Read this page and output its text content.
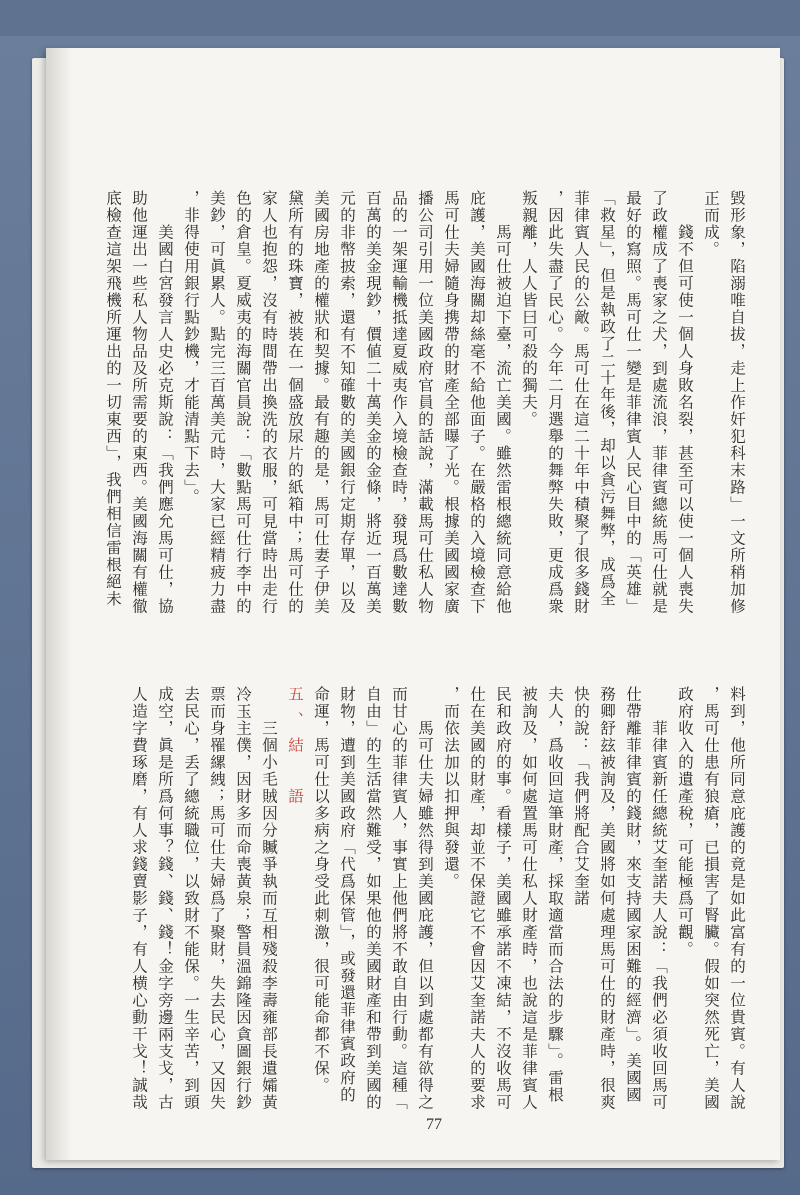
毀形象，陷溺唯自拔，走上作奸犯科末路」一文所稍加修
正而成。
　　錢不但可使一個人身敗名裂，甚至可以使一個人喪失
了政權成了喪家之犬，到處流浪，菲律賓總統馬可仕就是
最好的寫照。馬可仕一變是菲律賓人民心目中的「英雄」
「救星」，但是執政了二十年後，却以貪污舞弊，成爲全
菲律賓人民的公敵。馬可仕在這二十年中積聚了很多錢財
，因此失盡了民心。今年二月選舉的舞弊失敗，更成爲衆
叛親離，人人皆曰可殺的獨夫。
　　馬可仕被迫下臺，流亡美國。雖然雷根總統同意給他
庇護，美國海關却絲毫不給他面子。在嚴格的入境檢查下
馬可仕夫婦隨身携帶的財產全部曝了光。根據美國國家廣
播公司引用一位美國政府官員的話說，滿載馬可仕私人物
品的一架運輸機抵達夏威夷作入境檢查時，發現爲數達數
百萬的美金現鈔，價値二十萬美金的金條，將近一百萬美
元的非幣披索，還有不知確數的美國銀行定期存單，以及
美國房地產的權狀和契據。最有趣的是，馬可仕妻子伊美
黛所有的珠寶，被裝在一個盛放尿片的紙箱中；馬可仕的
家人也抱怨，沒有時間帶出換洗的衣服，可見當時出走行
色的倉皇。夏威夷的海關官員說：「數點馬可仕行李中的
美鈔，可眞累人。點完三百萬美元時，大家已經精疲力盡
，非得使用銀行點鈔機，才能清點下去」。
　　美國白宮發言人史必克斯說：「我們應允馬可仕，協
助他運出一些私人物品及所需要的東西。美國海關有權徹
底檢查這架飛機所運出的一切東西」，我們相信雷根絕未
料到，他所同意庇護的竟是如此富有的一位貴賓。有人說
，馬可仕患有狼瘡，已損害了腎臟。假如突然死亡，美國
政府收入的遺產稅，可能極爲可觀。
　　菲律賓新任總統艾奎諾夫人說：「我們必須收回馬可
仕帶離菲律賓的錢財，來支持國家困難的經濟」。美國國
務卿舒玆被詢及，美國將如何處理馬可仕的財產時，很爽
快的說：「我們將配合艾奎諾
夫人，爲收回這筆財產，採取適當而合法的步驟」。雷根
被詢及，如何處置馬可仕私人財產時，也說這是菲律賓人
民和政府的事。看樣子，美國雖承諾不凍結，不沒收馬可
仕在美國的財產，却並不保證它不會因艾奎諾夫人的要求
，而依法加以扣押與發還。
　　馬可仕夫婦雖然得到美國庇護，但以到處都有欲得之
而甘心的菲律賓人，事實上他們將不敢自由行動。這種「
自由」的生活當然難受，如果他的美國財產和帶到美國的
財物，遭到美國政府「代爲保管」，或發還菲律賓政府的
命運，馬可仕以多病之身受此刺激，很可能命都不保。
五、結　語
　　三個小毛賊因分贓爭執而互相殘殺李壽雍部長遺孀黃
冷玉主僕，因財多而命喪黃泉；警員溫錦隆因貪圖銀行鈔
票而身罹縲絏；馬可仕夫婦爲了聚財，失去民心，又因失
去民心，丢了總統職位，以致財不能保。一生辛苦，到頭
成空，眞是所爲何事？錢、錢、錢！金字旁邊兩支戈，古
人造字費琢磨，有人求錢賣影子，有人横心動干戈！誠哉
77
